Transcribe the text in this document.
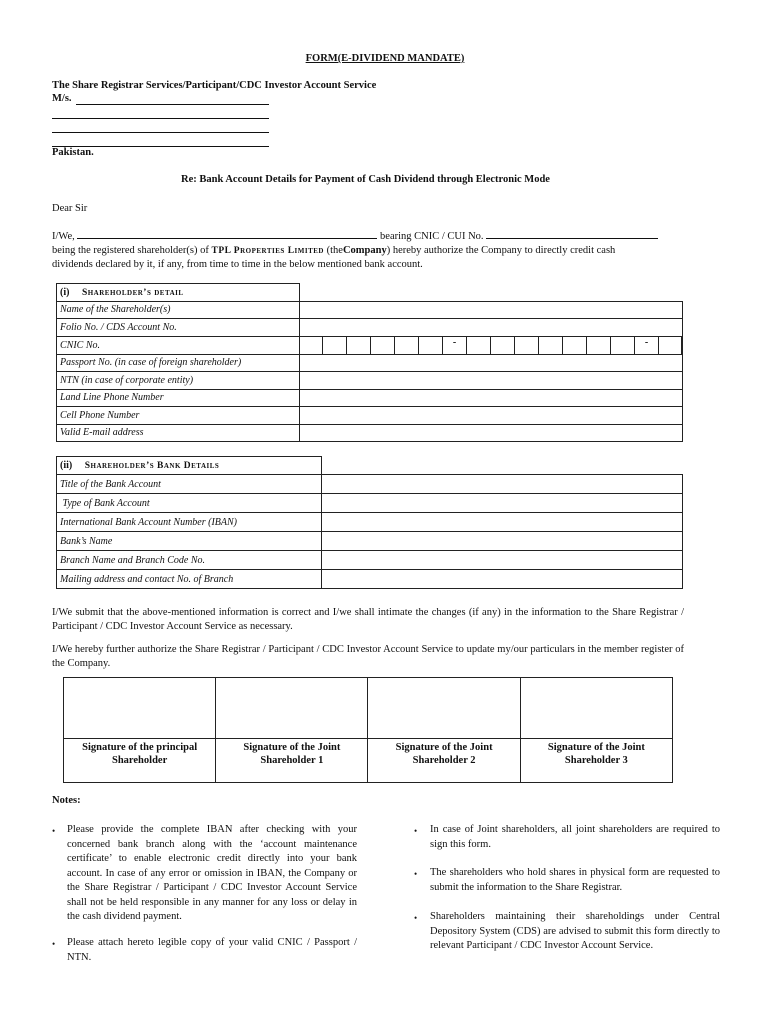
FORM(E-DIVIDEND MANDATE)
The Share Registrar Services/Participant/CDC Investor Account Service
M/s.
Pakistan.
Re: Bank Account Details for Payment of Cash Dividend through Electronic Mode
Dear Sir
I/We,	bearing CNIC / CUI No.
being the registered shareholder(s) of TPL Properties Limited (theCompany) hereby authorize the Company to directly credit cash
dividends declared by it, if any, from time to time in the below mentioned bank account.
(i) Shareholder’s detail	
Name of the Shareholder(s)	
Folio No. / CDS Account No.	
CNIC No.	- -

Passport No. (in case of foreign shareholder)	
NTN (in case of corporate entity)	
Land Line Phone Number	
Cell Phone Number	
Valid E-mail address	
(ii) Shareholder’s Bank Details	
Title of the Bank Account	
Type of Bank Account	
International Bank Account Number (IBAN)	
Bank’s Name	
Branch Name and Branch Code No.	
Mailing address and contact No. of Branch	

I/We submit that the above-mentioned information is correct and I/we shall intimate the changes (if any) in the information to the Share Registrar / Participant / CDC Investor Account Service as necessary.

I/We hereby further authorize the Share Registrar / Participant / CDC Investor Account Service to update my/our particulars in the member register of the Company.

Signature of the principal Shareholder	Signature of the Joint Shareholder 1	Signature of the Joint Shareholder 2	Signature of the Joint Shareholder 3
Notes:
• Please provide the complete IBAN after checking with your concerned bank branch along with the ‘account maintenance certificate’ to enable electronic credit directly into your bank account. In case of any error or omission in IBAN, the Company or the Share Registrar / Participant / CDC Investor Account Service shall not be held responsible in any manner for any loss or delay in the cash dividend payment.

• Please attach hereto legible copy of your valid CNIC / Passport / NTN.

• In case of Joint shareholders, all joint shareholders are required to sign this form.

• The shareholders who hold shares in physical form are requested to submit the information to the Share Registrar.

• Shareholders maintaining their shareholdings under Central Depository System (CDS) are advised to submit this form directly to relevant Participant / CDC Investor Account Service.
